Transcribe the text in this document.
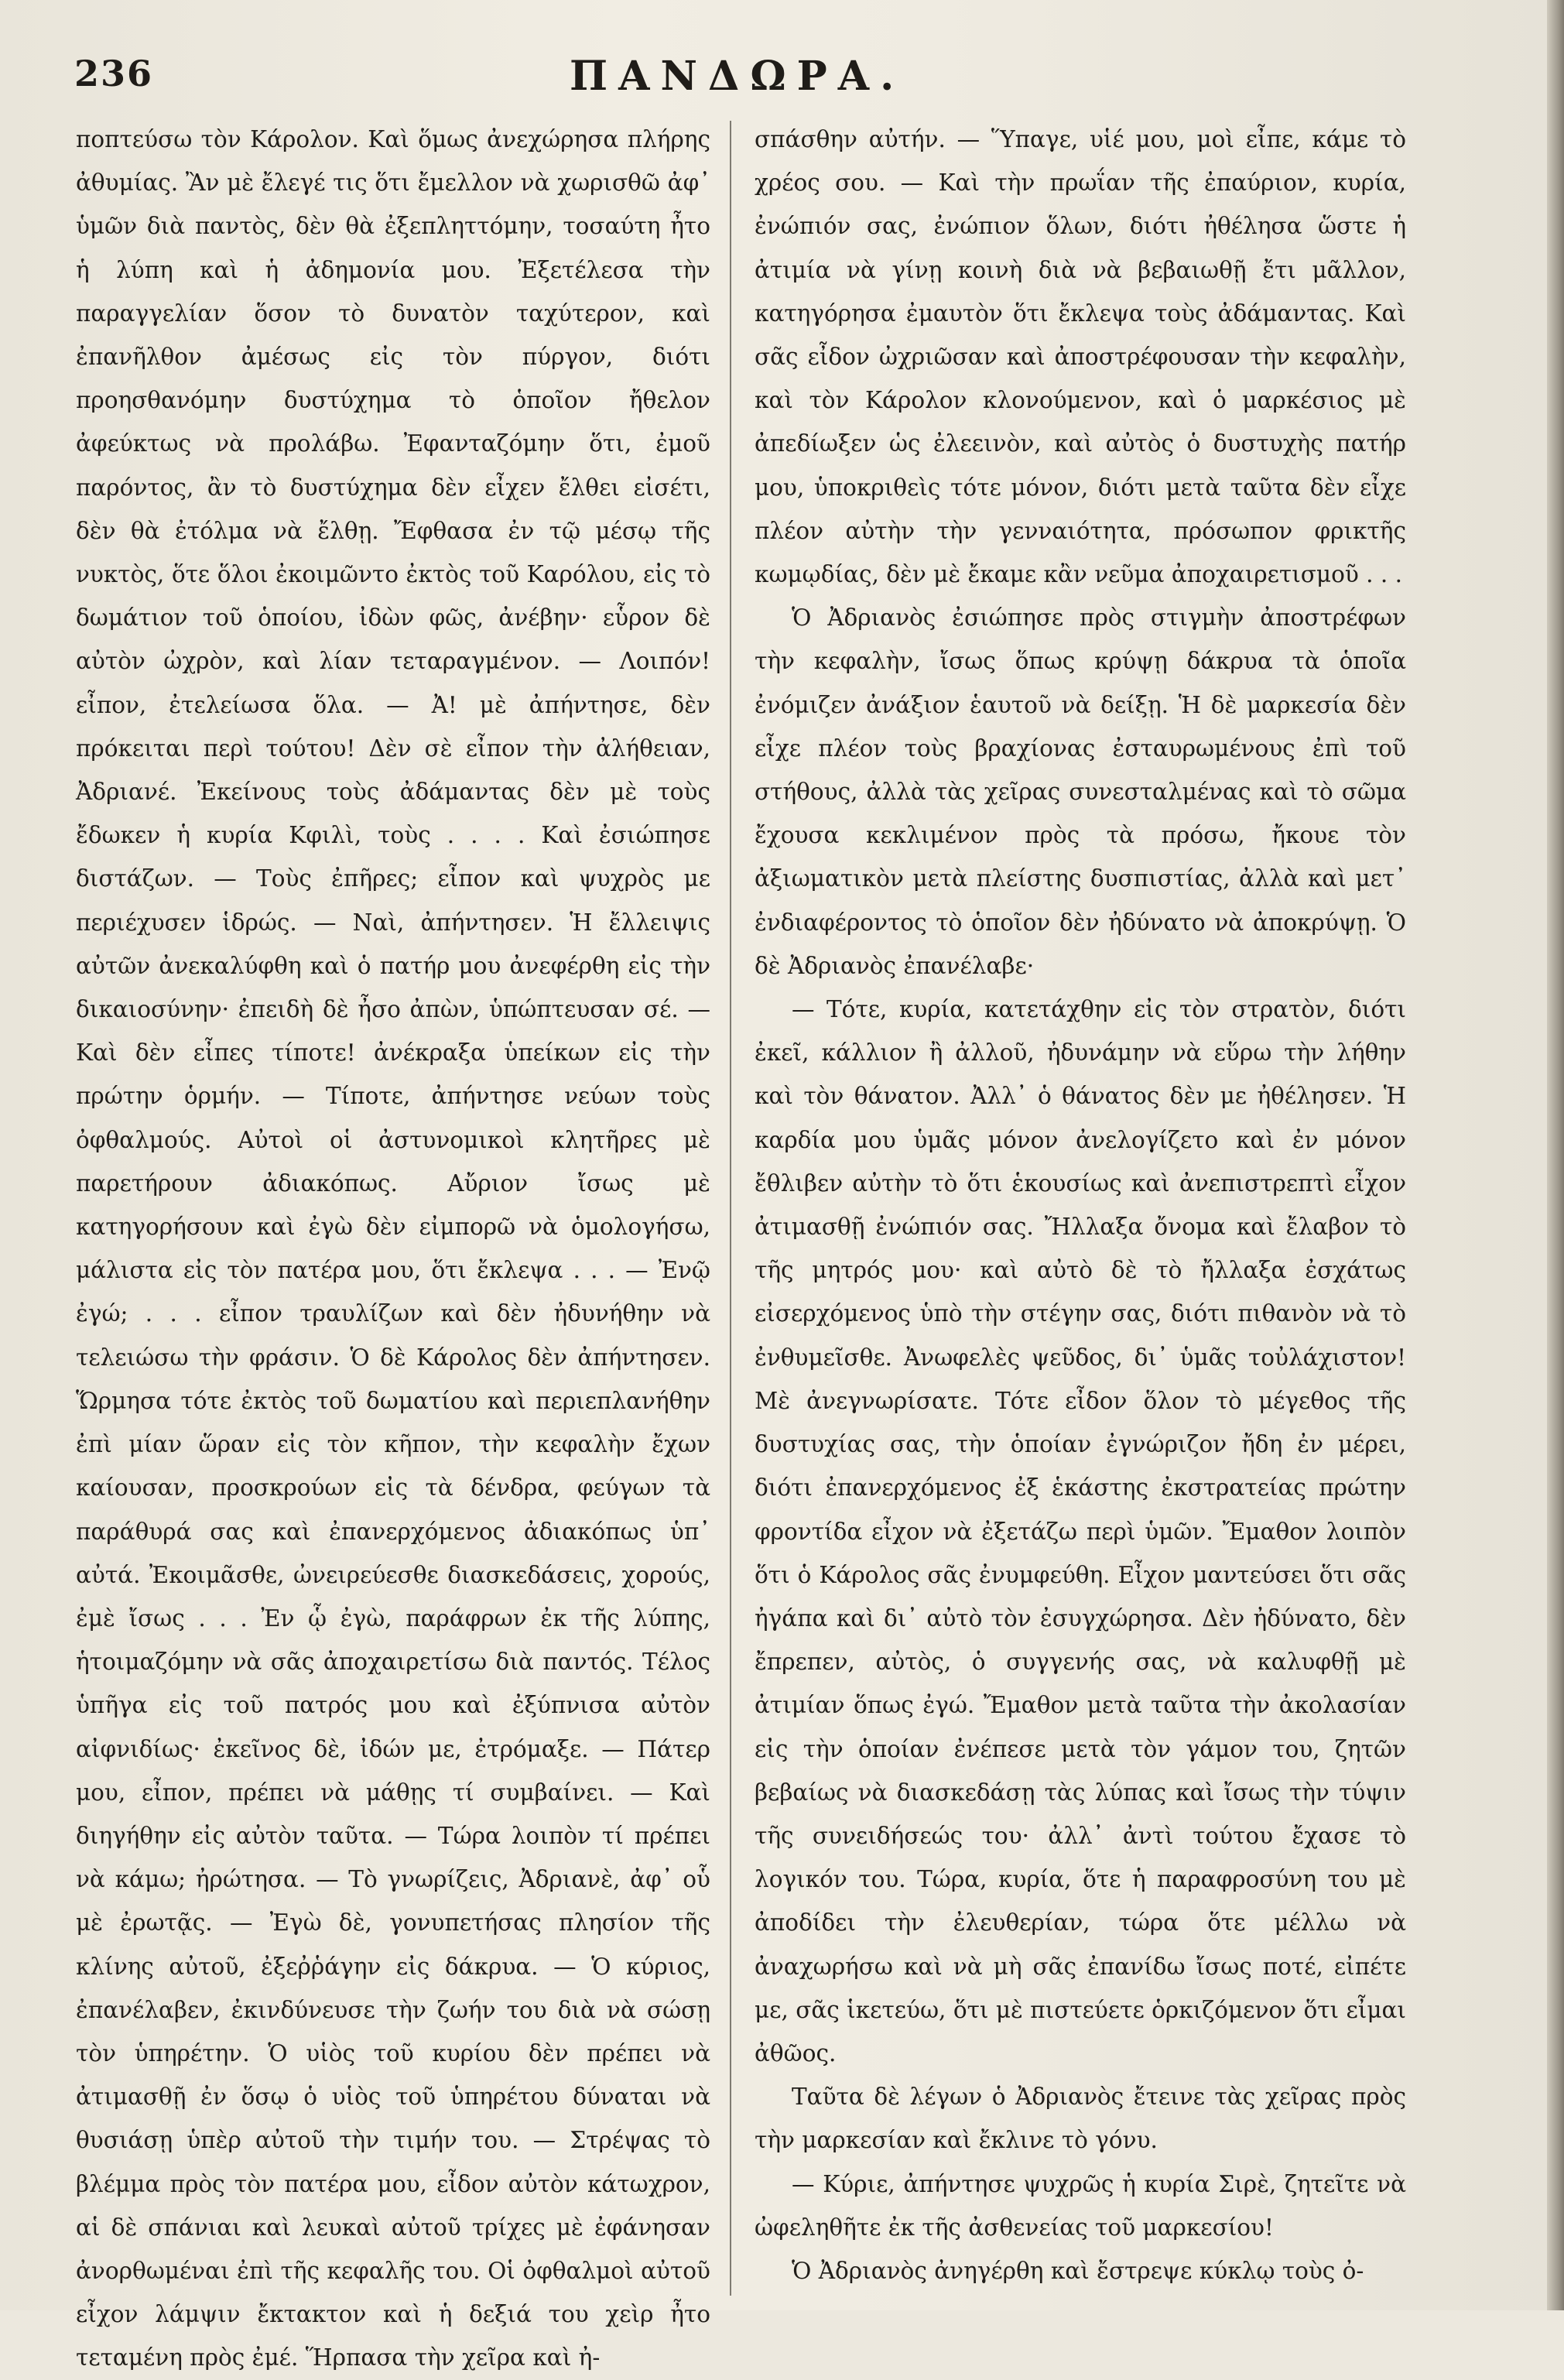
236	ΠΑΝΔΩΡΑ.

ποπτεύσω τὸν Κάρολον. Καὶ ὅμως ἀνεχώρησα πλήρης ἀθυμίας. Ἂν μὲ ἔλεγέ τις ὅτι ἔμελλον νὰ χωρισθῶ ἀφ᾽ ὑμῶν διὰ παντὸς, δὲν θὰ ἐξεπληττόμην, τοσαύτη ἦτο ἡ λύπη καὶ ἡ ἀδημονία μου. Ἐξετέλεσα τὴν παραγγελίαν ὅσον τὸ δυνατὸν ταχύτερον, καὶ ἐπανῆλθον ἀμέσως εἰς τὸν πύργον, διότι προησθανόμην δυστύχημα τὸ ὁποῖον ἤθελον ἀφεύκτως νὰ προλάβω. Ἐφανταζόμην ὅτι, ἐμοῦ παρόντος, ἂν τὸ δυστύχημα δὲν εἶχεν ἔλθει εἰσέτι, δὲν θὰ ἐτόλμα νὰ ἔλθῃ. Ἔφθασα ἐν τῷ μέσῳ τῆς νυκτὸς, ὅτε ὅλοι ἐκοιμῶντο ἐκτὸς τοῦ Καρόλου, εἰς τὸ δωμάτιον τοῦ ὁποίου, ἰδὼν φῶς, ἀνέβην· εὗρον δὲ αὐτὸν ὠχρὸν, καὶ λίαν τεταραγμένον. — Λοιπόν! εἶπον, ἐτελείωσα ὅλα. — Ἀ! μὲ ἀπήντησε, δὲν πρόκειται περὶ τούτου! Δὲν σὲ εἶπον τὴν ἀλήθειαν, Ἀδριανέ. Ἐκείνους τοὺς ἀδάμαντας δὲν μὲ τοὺς ἔδωκεν ἡ κυρία Κφιλὶ, τοὺς . . . . Καὶ ἐσιώπησε διστάζων. — Τοὺς ἐπῆρες; εἶπον καὶ ψυχρὸς με περιέχυσεν ἱδρώς. — Ναὶ, ἀπήντησεν. Ἡ ἔλλειψις αὐτῶν ἀνεκαλύφθη καὶ ὁ πατήρ μου ἀνεφέρθη εἰς τὴν δικαιοσύνην· ἐπειδὴ δὲ ἦσο ἀπὼν, ὑπώπτευσαν σέ. — Καὶ δὲν εἶπες τίποτε! ἀνέκραξα ὑπείκων εἰς τὴν πρώτην ὁρμήν. — Τίποτε, ἀπήντησε νεύων τοὺς ὀφθαλμούς. Αὐτοὶ οἱ ἀστυνομικοὶ κλητῆρες μὲ παρετήρουν ἀδιακόπως. Αὔριον ἴσως μὲ κατηγορήσουν καὶ ἐγὼ δὲν εἰμπορῶ νὰ ὁμολογήσω, μάλιστα εἰς τὸν πατέρα μου, ὅτι ἔκλεψα . . . — Ἐνῷ ἐγώ; . . . εἶπον τραυλίζων καὶ δὲν ἠδυνήθην νὰ τελειώσω τὴν φράσιν. Ὁ δὲ Κάρολος δὲν ἀπήντησεν. Ὥρμησα τότε ἐκτὸς τοῦ δωματίου καὶ περιεπλανήθην ἐπὶ μίαν ὥραν εἰς τὸν κῆπον, τὴν κεφαλὴν ἔχων καίουσαν, προσκρούων εἰς τὰ δένδρα, φεύγων τὰ παράθυρά σας καὶ ἐπανερχόμενος ἀδιακόπως ὑπ᾽ αὐτά. Ἐκοιμᾶσθε, ὠνειρεύεσθε διασκεδάσεις, χορούς, ἐμὲ ἴσως . . . Ἐν ᾧ ἐγὼ, παράφρων ἐκ τῆς λύπης, ἡτοιμαζόμην νὰ σᾶς ἀποχαιρετίσω διὰ παντός. Τέλος ὑπῆγα εἰς τοῦ πατρός μου καὶ ἐξύπνισα αὐτὸν αἰφνιδίως· ἐκεῖνος δὲ, ἰδών με, ἐτρόμαξε. — Πάτερ μου, εἶπον, πρέπει νὰ μάθῃς τί συμβαίνει. — Καὶ διηγήθην εἰς αὐτὸν ταῦτα. — Τώρα λοιπὸν τί πρέπει νὰ κάμω; ἠρώτησα. — Τὸ γνωρίζεις, Ἀδριανὲ, ἀφ᾽ οὗ μὲ ἐρωτᾷς. — Ἐγὼ δὲ, γονυπετήσας πλησίον τῆς κλίνης αὐτοῦ, ἐξεῤῥάγην εἰς δάκρυα. — Ὁ κύριος, ἐπανέλαβεν, ἐκινδύνευσε τὴν ζωήν του διὰ νὰ σώσῃ τὸν ὑπηρέτην. Ὁ υἱὸς τοῦ κυρίου δὲν πρέπει νὰ ἀτιμασθῇ ἐν ὅσῳ ὁ υἱὸς τοῦ ὑπηρέτου δύναται νὰ θυσιάσῃ ὑπὲρ αὐτοῦ τὴν τιμήν του. — Στρέψας τὸ βλέμμα πρὸς τὸν πατέρα μου, εἶδον αὐτὸν κάτωχρον, αἱ δὲ σπάνιαι καὶ λευκαὶ αὐτοῦ τρίχες μὲ ἐφάνησαν ἀνορθωμέναι ἐπὶ τῆς κεφαλῆς του. Οἱ ὀφθαλμοὶ αὐτοῦ εἶχον λάμψιν ἔκτακτον καὶ ἡ δεξιά του χεὶρ ἦτο τεταμένη πρὸς ἐμέ. Ἥρπασα τὴν χεῖρα καὶ ἠ-

σπάσθην αὐτήν. — Ὕπαγε, υἱέ μου, μοὶ εἶπε, κάμε τὸ χρέος σου. — Καὶ τὴν πρωΐαν τῆς ἐπαύριον, κυρία, ἐνώπιόν σας, ἐνώπιον ὅλων, διότι ἠθέλησα ὥστε ἡ ἀτιμία νὰ γίνῃ κοινὴ διὰ νὰ βεβαιωθῇ ἔτι μᾶλλον, κατηγόρησα ἐμαυτὸν ὅτι ἔκλεψα τοὺς ἀδάμαντας. Καὶ σᾶς εἶδον ὠχριῶσαν καὶ ἀποστρέφουσαν τὴν κεφαλὴν, καὶ τὸν Κάρολον κλονούμενον, καὶ ὁ μαρκέσιος μὲ ἀπεδίωξεν ὡς ἐλεεινὸν, καὶ αὐτὸς ὁ δυστυχὴς πατήρ μου, ὑποκριθεὶς τότε μόνον, διότι μετὰ ταῦτα δὲν εἶχε πλέον αὐτὴν τὴν γενναιότητα, πρόσωπον φρικτῆς κωμῳδίας, δὲν μὲ ἔκαμε κἂν νεῦμα ἀποχαιρετισμοῦ . . .

Ὁ Ἀδριανὸς ἐσιώπησε πρὸς στιγμὴν ἀποστρέφων τὴν κεφαλὴν, ἴσως ὅπως κρύψῃ δάκρυα τὰ ὁποῖα ἐνόμιζεν ἀνάξιον ἑαυτοῦ νὰ δείξῃ. Ἡ δὲ μαρκεσία δὲν εἶχε πλέον τοὺς βραχίονας ἐσταυρωμένους ἐπὶ τοῦ στήθους, ἀλλὰ τὰς χεῖρας συνεσταλμένας καὶ τὸ σῶμα ἔχουσα κεκλιμένον πρὸς τὰ πρόσω, ἤκουε τὸν ἀξιωματικὸν μετὰ πλείστης δυσπιστίας, ἀλλὰ καὶ μετ᾽ ἐνδιαφέροντος τὸ ὁποῖον δὲν ἠδύνατο νὰ ἀποκρύψῃ. Ὁ δὲ Ἀδριανὸς ἐπανέλαβε·

— Τότε, κυρία, κατετάχθην εἰς τὸν στρατὸν, διότι ἐκεῖ, κάλλιον ἢ ἀλλοῦ, ἠδυνάμην νὰ εὕρω τὴν λήθην καὶ τὸν θάνατον. Ἀλλ᾽ ὁ θάνατος δὲν με ἠθέλησεν. Ἡ καρδία μου ὑμᾶς μόνον ἀνελογίζετο καὶ ἐν μόνον ἔθλιβεν αὐτὴν τὸ ὅτι ἑκουσίως καὶ ἀνεπιστρεπτὶ εἶχον ἀτιμασθῇ ἐνώπιόν σας. Ἤλλαξα ὄνομα καὶ ἔλαβον τὸ τῆς μητρός μου· καὶ αὐτὸ δὲ τὸ ἤλλαξα ἐσχάτως εἰσερχόμενος ὑπὸ τὴν στέγην σας, διότι πιθανὸν νὰ τὸ ἐνθυμεῖσθε. Ἀνωφελὲς ψεῦδος, δι᾽ ὑμᾶς τοὐλάχιστον! Μὲ ἀνεγνωρίσατε. Τότε εἶδον ὅλον τὸ μέγεθος τῆς δυστυχίας σας, τὴν ὁποίαν ἐγνώριζον ἤδη ἐν μέρει, διότι ἐπανερχόμενος ἐξ ἑκάστης ἐκστρατείας πρώτην φροντίδα εἶχον νὰ ἐξετάζω περὶ ὑμῶν. Ἔμαθον λοιπὸν ὅτι ὁ Κάρολος σᾶς ἐνυμφεύθη. Εἶχον μαντεύσει ὅτι σᾶς ἠγάπα καὶ δι᾽ αὐτὸ τὸν ἐσυγχώρησα. Δὲν ἠδύνατο, δὲν ἔπρεπεν, αὐτὸς, ὁ συγγενής σας, νὰ καλυφθῇ μὲ ἀτιμίαν ὅπως ἐγώ. Ἔμαθον μετὰ ταῦτα τὴν ἀκολασίαν εἰς τὴν ὁποίαν ἐνέπεσε μετὰ τὸν γάμον του, ζητῶν βεβαίως νὰ διασκεδάσῃ τὰς λύπας καὶ ἴσως τὴν τύψιν τῆς συνειδήσεώς του· ἀλλ᾽ ἀντὶ τούτου ἔχασε τὸ λογικόν του. Τώρα, κυρία, ὅτε ἡ παραφροσύνη του μὲ ἀποδίδει τὴν ἐλευθερίαν, τώρα ὅτε μέλλω νὰ ἀναχωρήσω καὶ νὰ μὴ σᾶς ἐπανίδω ἴσως ποτέ, εἰπέτε με, σᾶς ἱκετεύω, ὅτι μὲ πιστεύετε ὁρκιζόμενον ὅτι εἶμαι ἀθῶος.

Ταῦτα δὲ λέγων ὁ Ἀδριανὸς ἔτεινε τὰς χεῖρας πρὸς τὴν μαρκεσίαν καὶ ἔκλινε τὸ γόνυ.

— Κύριε, ἀπήντησε ψυχρῶς ἡ κυρία Σιρὲ, ζητεῖτε νὰ ὠφεληθῆτε ἐκ τῆς ἀσθενείας τοῦ μαρκεσίου!

Ὁ Ἀδριανὸς ἀνηγέρθη καὶ ἔστρεψε κύκλῳ τοὺς ὀ-
